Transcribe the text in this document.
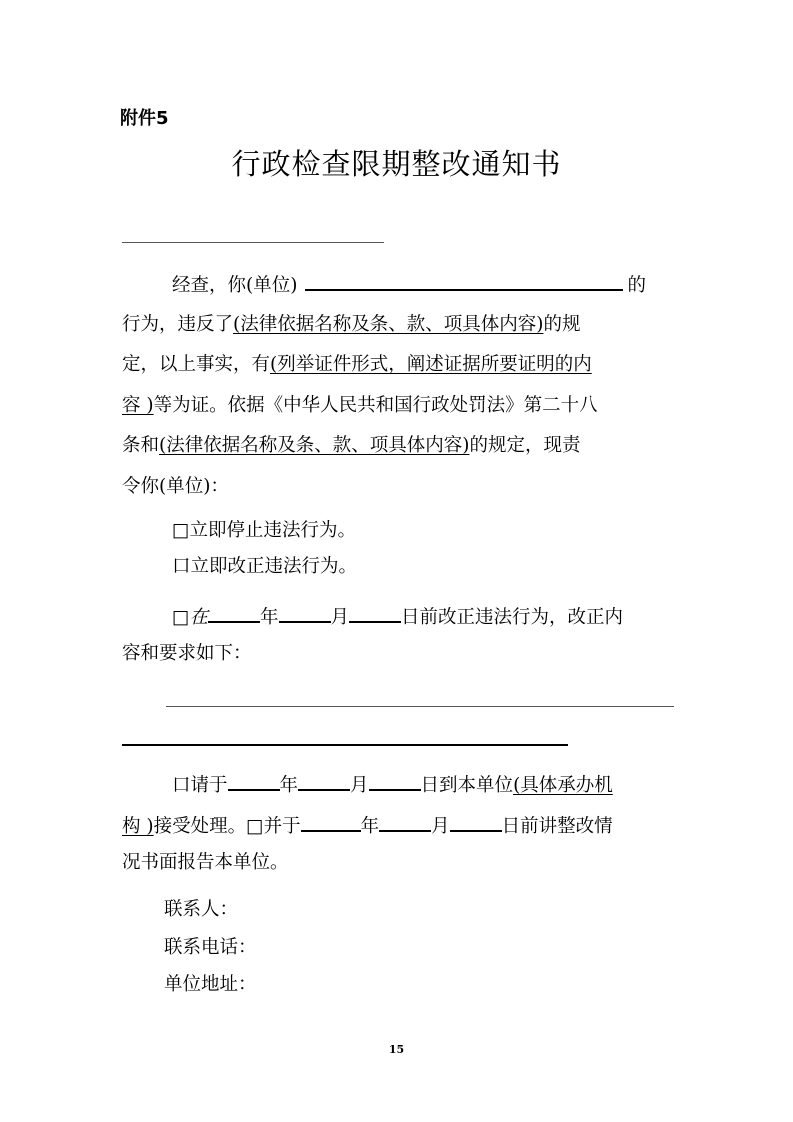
附件5
行政检查限期整改通知书
经查，你(单位)	的
行为，违反了(法律依据名称及条、款、项具体内容)的规
定，以上事实，有(列举证件形式，阐述证据所要证明的内
容 )等为证。依据《中华人民共和国行政处罚法》第二十八
条和(法律依据名称及条、款、项具体内容)的规定，现责
令你(单位)：
□立即停止违法行为。
口立即改正违法行为。
□在	年	月	日前改正违法行为，改正内
容和要求如下：
口请于	年	月	日到本单位(具体承办机
构 )接受处理。□并于	年	月	日前讲整改情
况书面报告本单位。
联系人：
联系电话：
单位地址：
15
